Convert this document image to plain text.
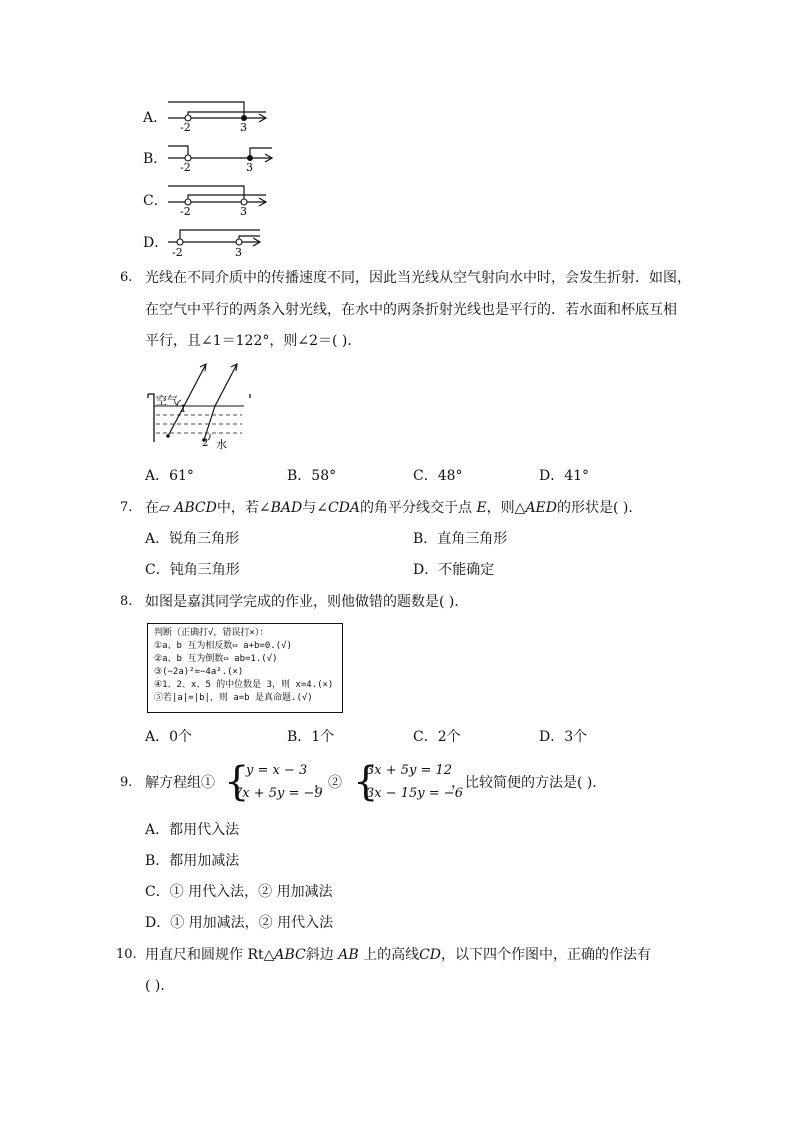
A．
-2	3
B．
-2	3
C．
-2	3
D．
-2	3
6. 光线在不同介质中的传播速度不同，因此当光线从空气射向水中时，会发生折射．如图，
在空气中平行的两条入射光线，在水中的两条折射光线也是平行的．若水面和杯底互相
平行，且∠1＝122°，则∠2＝( )．
空气
1
2 水
A．61°	B．58°	C．48°	D．41°
7. 在▱ ABCD中，若∠BAD与∠CDA的角平分线交于点 E，则△AED的形状是( )．
A．锐角三角形	B．直角三角形
C．钝角三角形	D．不能确定
8. 如图是嘉淇同学完成的作业，则他做错的题数是( )．
判断（正确打√，错误打×）：
①a、b 互为相反数⇔ a+b=0.(√)
②a、b 互为倒数⇔ ab=1.(√)
③(−2a)²=−4a².(×)
④1、2、x、5 的中位数是 3，则 x=4.(×)
⑤若|a|=|b|，则 a=b 是真命题.(√)
A．0个	B．1个	C．2个	D．3个
9. 解方程组① {
y = x − 3
7x + 5y = −9
，② {
3x + 5y = 12
3x − 15y = −6
，比较简便的方法是( )．
A．都用代入法
B．都用加减法
C．① 用代入法，② 用加减法
D．① 用加减法，② 用代入法
10. 用直尺和圆规作 Rt△ABC斜边 AB 上的高线CD，以下四个作图中，正确的作法有
( )．
